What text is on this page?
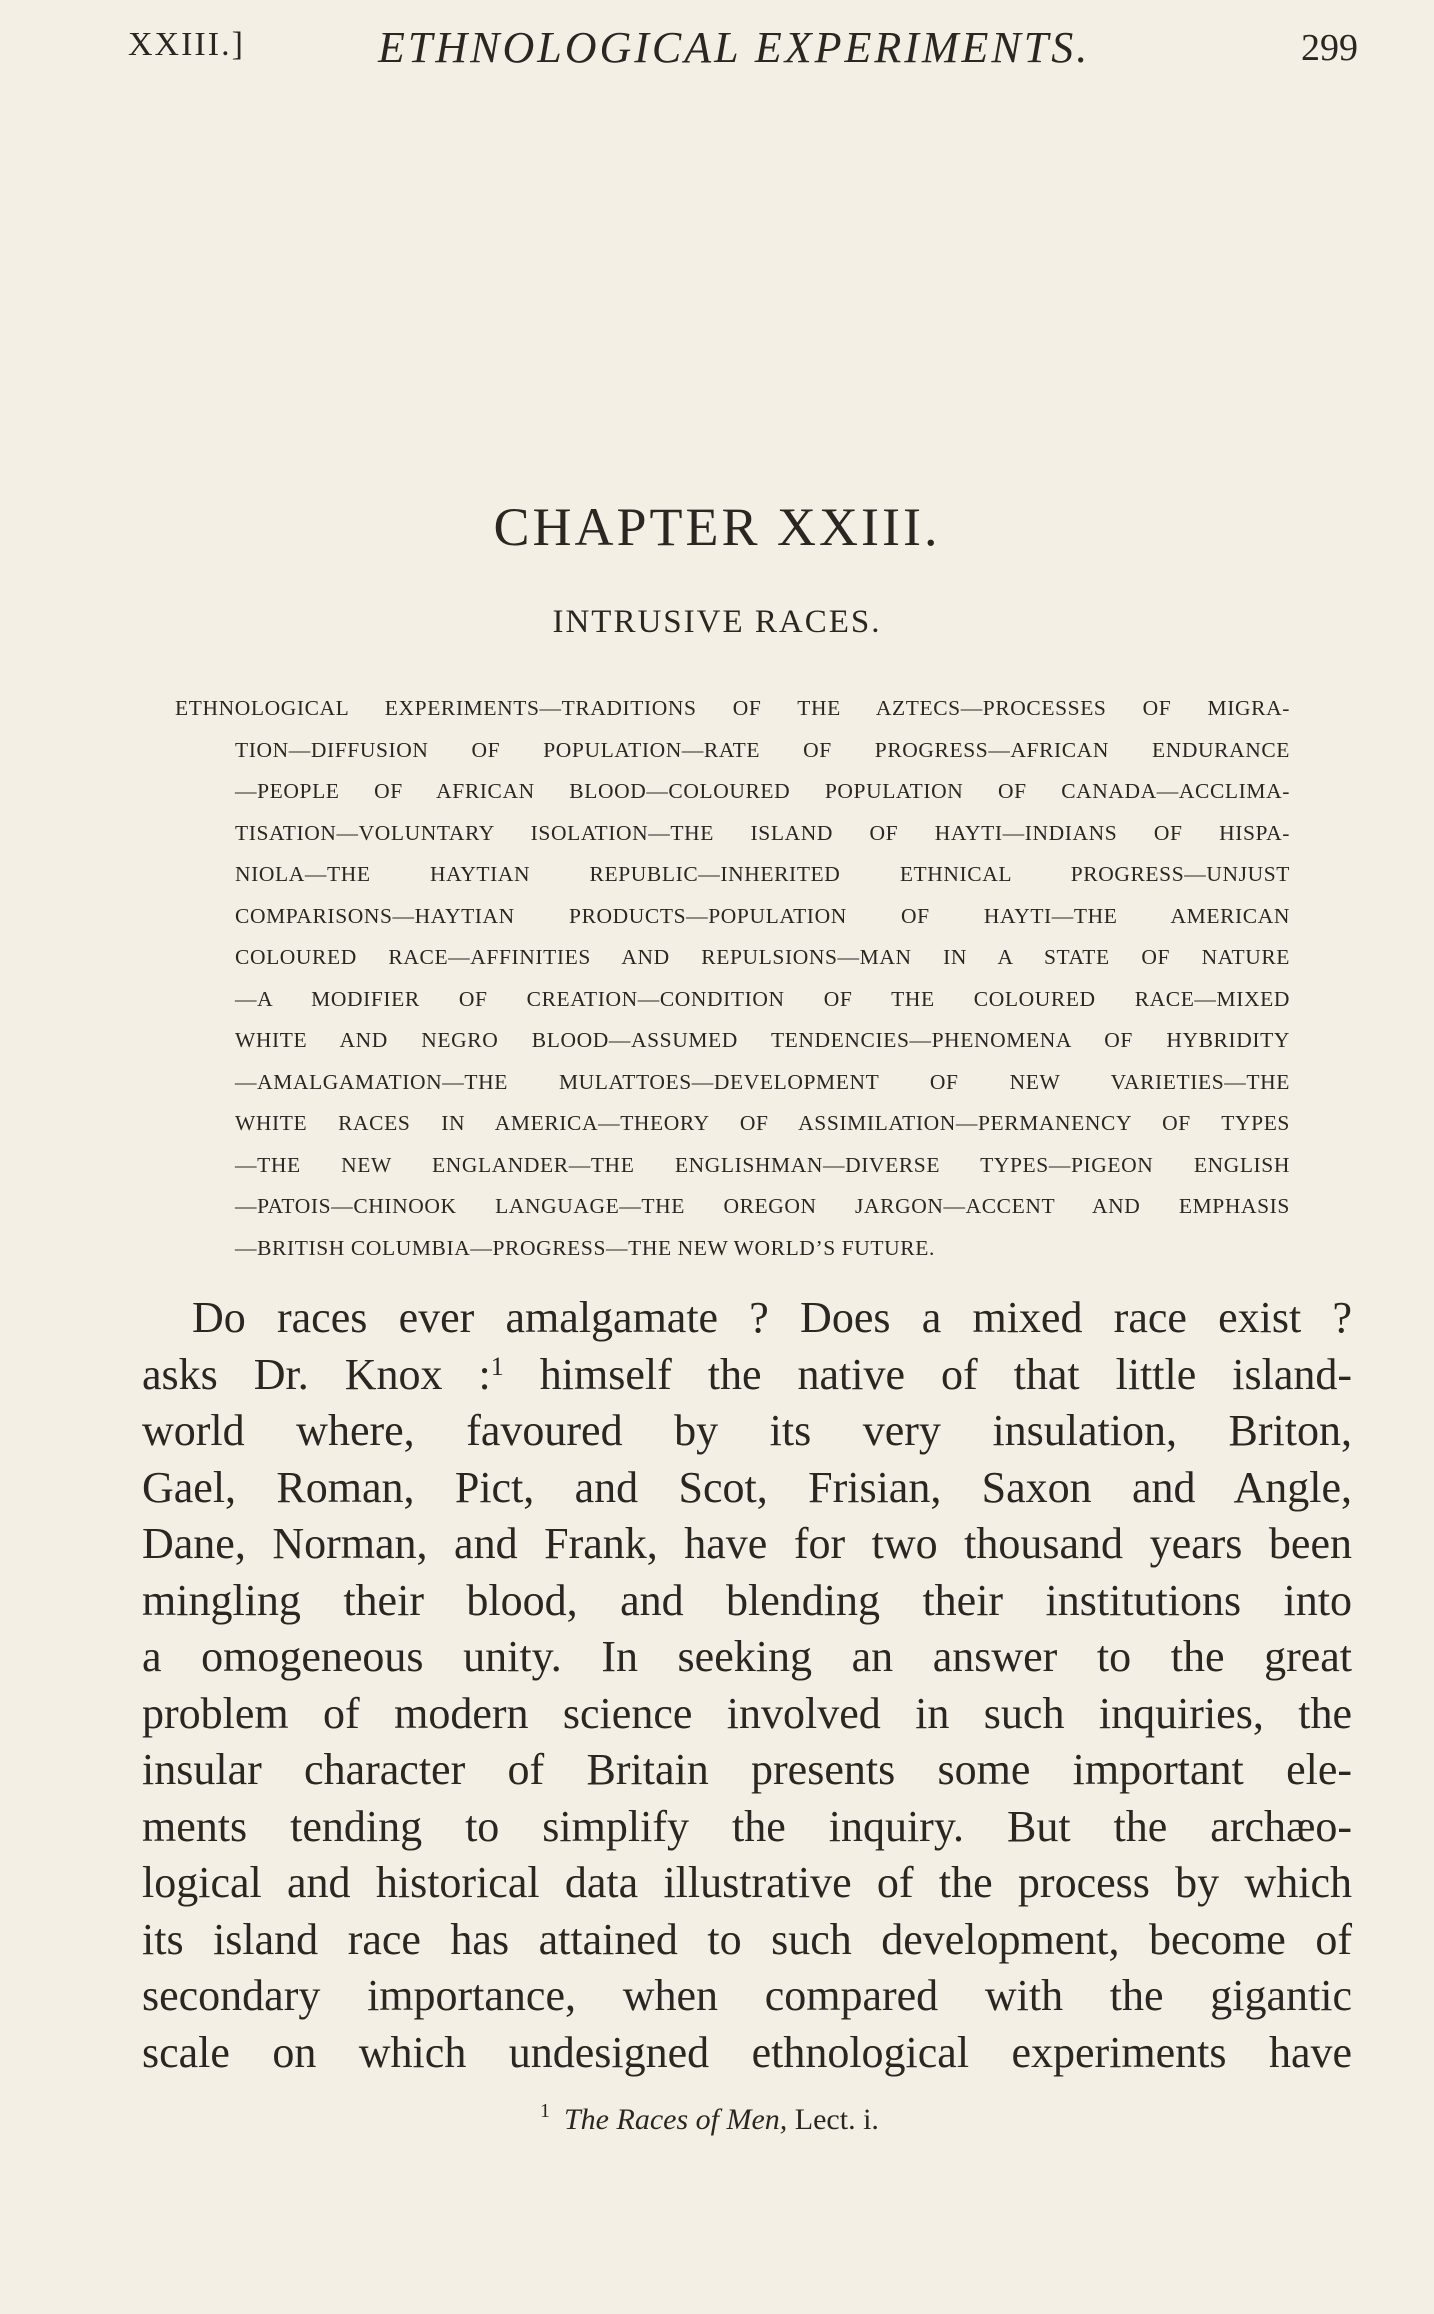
XXIII.]	ETHNOLOGICAL EXPERIMENTS.	299
CHAPTER XXIII.
INTRUSIVE RACES.
ETHNOLOGICAL EXPERIMENTS—TRADITIONS OF THE AZTECS—PROCESSES OF MIGRA-
TION—DIFFUSION OF POPULATION—RATE OF PROGRESS—AFRICAN ENDURANCE
—PEOPLE OF AFRICAN BLOOD—COLOURED POPULATION OF CANADA—ACCLIMA-
TISATION—VOLUNTARY ISOLATION—THE ISLAND OF HAYTI—INDIANS OF HISPA-
NIOLA—THE HAYTIAN REPUBLIC—INHERITED ETHNICAL PROGRESS—UNJUST
COMPARISONS—HAYTIAN PRODUCTS—POPULATION OF HAYTI—THE AMERICAN
COLOURED RACE—AFFINITIES AND REPULSIONS—MAN IN A STATE OF NATURE
—A MODIFIER OF CREATION—CONDITION OF THE COLOURED RACE—MIXED
WHITE AND NEGRO BLOOD—ASSUMED TENDENCIES—PHENOMENA OF HYBRIDITY
—AMALGAMATION—THE MULATTOES—DEVELOPMENT OF NEW VARIETIES—THE
WHITE RACES IN AMERICA—THEORY OF ASSIMILATION—PERMANENCY OF TYPES
—THE NEW ENGLANDER—THE ENGLISHMAN—DIVERSE TYPES—PIGEON ENGLISH
—PATOIS—CHINOOK LANGUAGE—THE OREGON JARGON—ACCENT AND EMPHASIS
—BRITISH COLUMBIA—PROGRESS—THE NEW WORLD’S FUTURE.
Do races ever amalgamate ? Does a mixed race exist ?
asks Dr. Knox :$^1$ himself the native of that little island-
world where, favoured by its very insulation, Briton,
Gael, Roman, Pict, and Scot, Frisian, Saxon and Angle,
Dane, Norman, and Frank, have for two thousand years been
mingling their blood, and blending their institutions into
a omogeneous unity. In seeking an answer to the great
problem of modern science involved in such inquiries, the
insular character of Britain presents some important ele-
ments tending to simplify the inquiry. But the archæo-
logical and historical data illustrative of the process by which
its island race has attained to such development, become of
secondary importance, when compared with the gigantic
scale on which undesigned ethnological experiments have
$^1$ The Races of Men, Lect. i.
